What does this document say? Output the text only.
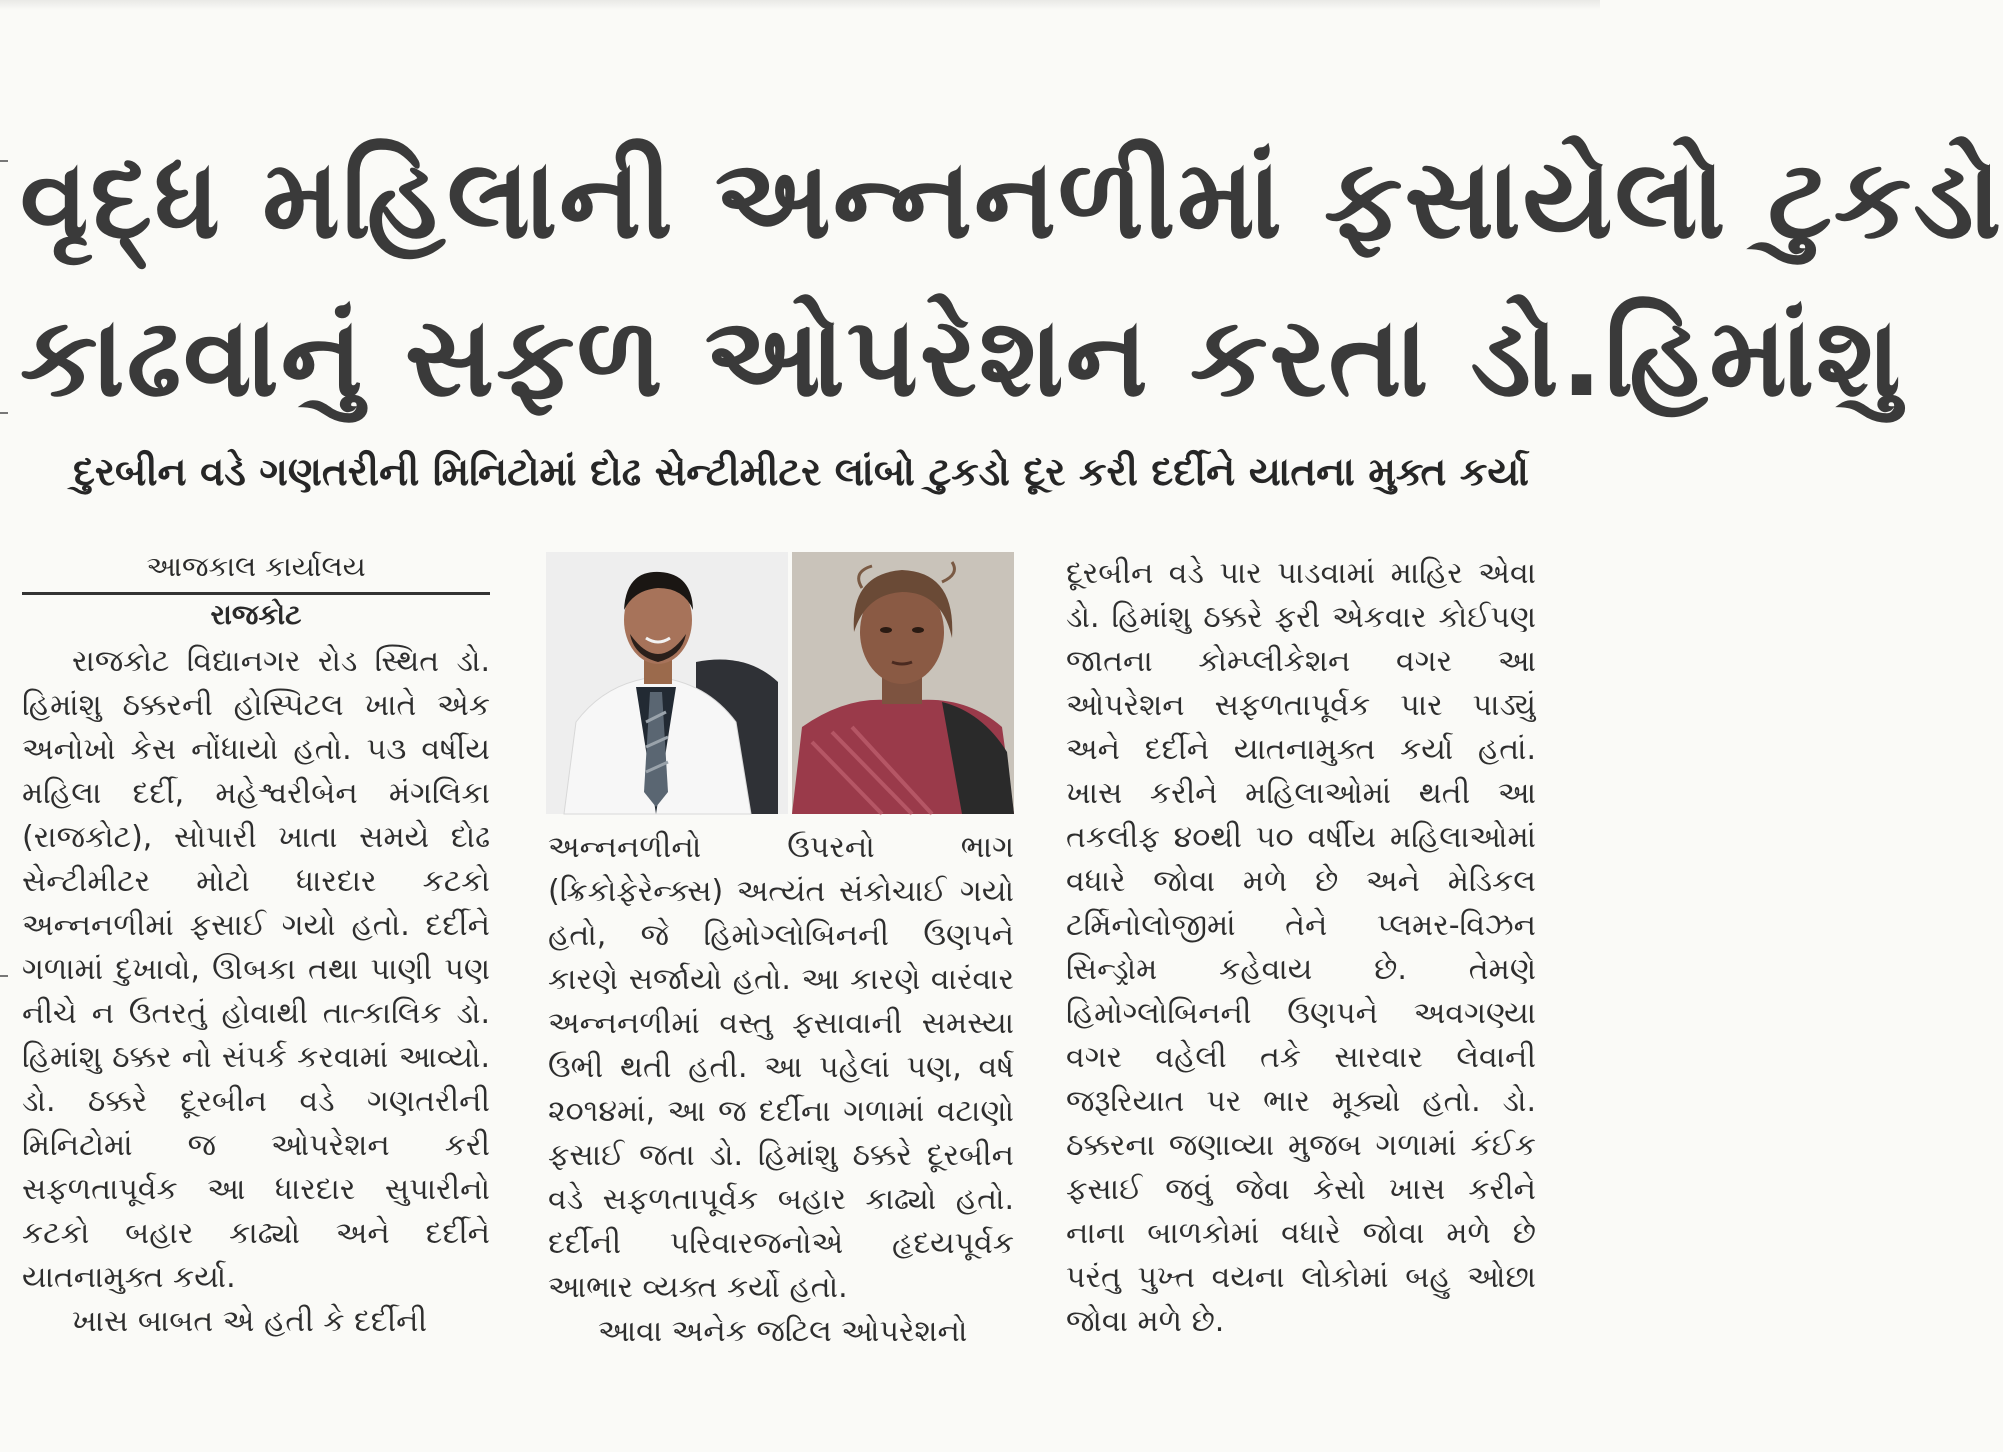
વૃદ્ધ મહિલાની અન્નનળીમાં ફસાયેલો ટુકડો
કાઢવાનું સફળ ઓપરેશન કરતા ડો.હિમાંશુ
દુરબીન વડે ગણતરીની મિનિટોમાં દોઢ સેન્ટીમીટર લાંબો ટુકડો દૂર કરી દર્દીને યાતના મુક્ત કર્યા
આજકાલ કાર્યાલય
રાજકોટ

રાજકોટ વિદ્યાનગર રોડ સ્થિત ડો. હિમાંશુ ઠક્કરની હોસ્પિટલ ખાતે એક અનોખો કેસ નોંધાયો હતો. ૫૩ વર્ષીય મહિલા દર્દી, મહેશ્વરીબેન મંગલિકા (રાજકોટ), સોપારી ખાતા સમયે દોઢ સેન્ટીમીટર મોટો ધારદાર કટકો અન્નનળીમાં ફસાઈ ગયો હતો. દર્દીને ગળામાં દુખાવો, ઊબકા તથા પાણી પણ નીચે ન ઉતરતું હોવાથી તાત્કાલિક ડો. હિમાંશુ ઠક્કર નો સંપર્ક કરવામાં આવ્યો. ડો. ઠક્કરે દૂરબીન વડે ગણતરીની મિનિટોમાં જ ઓપરેશન કરી સફળતાપૂર્વક આ ધારદાર સુપારીનો કટકો બહાર કાઢ્યો અને દર્દીને યાતનામુક્ત કર્યા.

ખાસ બાબત એ હતી કે દર્દીની

અન્નનળીનો ઉપરનો ભાગ (ક્રિકોફેરેન્ક્સ) અત્યંત સંકોચાઈ ગયો હતો, જે હિમોગ્લોબિનની ઉણપને કારણે સર્જાયો હતો. આ કારણે વારંવાર અન્નનળીમાં વસ્તુ ફસાવાની સમસ્યા ઉભી થતી હતી. આ પહેલાં પણ, વર્ષ ૨૦૧૪માં, આ જ દર્દીના ગળામાં વટાણો ફસાઈ જતા ડો. હિમાંશુ ઠક્કરે દૂરબીન વડે સફળતાપૂર્વક બહાર કાઢ્યો હતો. દર્દીની પરિવારજનોએ હૃદયપૂર્વક આભાર વ્યક્ત કર્યો હતો.

આવા અનેક જટિલ ઓપરેશનો

દૂરબીન વડે પાર પાડવામાં માહિર એવા ડો. હિમાંશુ ઠક્કરે ફરી એકવાર કોઈપણ જાતના કોમ્પ્લીકેશન વગર આ ઓપરેશન સફળતાપૂર્વક પાર પાડ્યું અને દર્દીને યાતનામુક્ત કર્યા હતાં. ખાસ કરીને મહિલાઓમાં થતી આ તકલીફ ૪૦થી ૫૦ વર્ષીય મહિલાઓમાં વધારે જોવા મળે છે અને મેડિકલ ટર્મિનોલોજીમાં તેને પ્લમર-વિઝન સિન્ડ્રોમ કહેવાય છે. તેમણે હિમોગ્લોબિનની ઉણપને અવગણ્યા વગર વહેલી તકે સારવાર લેવાની જરૂરિયાત પર ભાર મૂક્યો હતો. ડો. ઠક્કરના જણાવ્યા મુજબ ગળામાં કંઈક ફસાઈ જવું જેવા કેસો ખાસ કરીને નાના બાળકોમાં વધારે જોવા મળે છે પરંતુ પુખ્ત વયના લોકોમાં બહુ ઓછા જોવા મળે છે.
